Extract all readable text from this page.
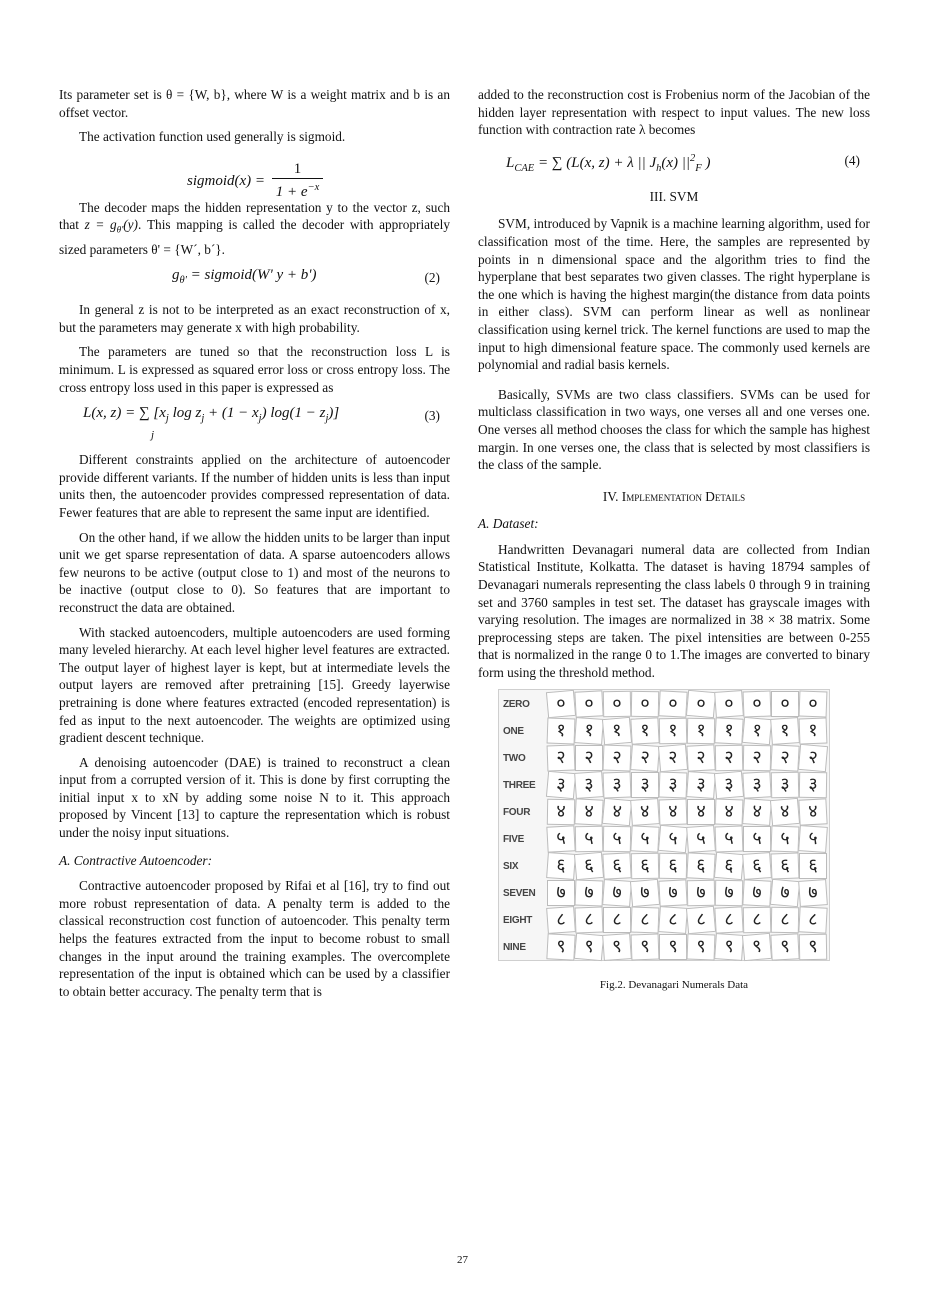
Its parameter set is θ = {W, b}, where W is a weight matrix and b is an offset vector.

The activation function used generally is sigmoid.

sigmoid(x) = $\frac{1}{1 + e^{-x}}$

The decoder maps the hidden representation y to the vector z, such that $z = g_{\theta'}(y)$. This mapping is called the decoder with appropriately sized parameters θ' = {W´, b´}.

$g_{\theta'}$ = sigmoid(W' y + b')	(2)

In general z is not to be interpreted as an exact reconstruction of x, but the parameters may generate x with high probability.

The parameters are tuned so that the reconstruction loss L is minimum. L is expressed as squared error loss or cross entropy loss. The cross entropy loss used in this paper is expressed as

L(x, z) = ∑ [$x_j$ $\log z_j + (1 - x_j) \log(1 - z_j)$]
j
(3)

Different constraints applied on the architecture of autoencoder provide different variants. If the number of hidden units is less than input units then, the autoencoder provides compressed representation of data. Fewer features that are able to represent the same input are identified.

On the other hand, if we allow the hidden units to be larger than input unit we get sparse representation of data. A sparse autoencoders allows few neurons to be active (output close to 1) and most of the neurons to be inactive (output close to 0). So features that are important to reconstruct the data are obtained.

With stacked autoencoders, multiple autoencoders are used forming many leveled hierarchy. At each level higher level features are extracted. The output layer of highest layer is kept, but at intermediate levels the output layers are removed after pretraining [15]. Greedy layerwise pretraining is done where features extracted (encoded representation) is fed as input to the next autoencoder. The weights are optimized using gradient descent technique.

A denoising autoencoder (DAE) is trained to reconstruct a clean input from a corrupted version of it. This is done by first corrupting the initial input x to xN by adding some noise N to it. This approach proposed by Vincent [13] to capture the representation which is robust under the noisy input situations.

A. Contractive Autoencoder:

Contractive autoencoder proposed by Rifai et al [16], try to find out more robust representation of data. A penalty term is added to the classical reconstruction cost function of autoencoder. This penalty term helps the features extracted from the input to become robust to small changes in the input around the training examples. The overcomplete representation of the input is obtained which can be used by a classifier to obtain better accuracy. The penalty term that is

added to the reconstruction cost is Frobenius norm of the Jacobian of the hidden layer representation with respect to input values. The new loss function with contraction rate λ becomes

$L_{CAE}$ = ∑ (L(x, z) + λ || $J_h(x)$ $||^2_F$ )	(4)
III. SVM

SVM, introduced by Vapnik is a machine learning algorithm, used for classification most of the time. Here, the samples are represented by points in n dimensional space and the algorithm tries to find the hyperplane that best separates two given classes. The right hyperplane is the one which is having the highest margin(the distance from data points in either class). SVM can perform linear as well as nonlinear classification using kernel trick. The kernel functions are used to map the input to high dimensional feature space. The commonly used kernels are polynomial and radial basis kernels.

Basically, SVMs are two class classifiers. SVMs can be used for multiclass classification in two ways, one verses all and one verses one. One verses all method chooses the class for which the sample has highest margin. In one verses one, the class that is selected by most classifiers is the class of the sample.

IV. Implementation Details
A. Dataset:

Handwritten Devanagari numeral data are collected from Indian Statistical Institute, Kolkatta. The dataset is having 18794 samples of Devanagari numerals representing the class labels 0 through 9 in training set and 3760 samples in test set. The dataset has grayscale images with varying resolution. The images are normalized in 38 × 38 matrix. Some preprocessing steps are taken. The pixel intensities are between 0-255 that is normalized in the range 0 to 1.The images are converted to binary form using the threshold method.

ZERO	० ० ०	० ० ० ० ०	०	०
ONE	१ १ १ १ १	१ १ १ १ १
TWO	२	२	२ २ २ २ २	२ २ २
THREE	३ ३ ३	३	३ ३ ३ ३ ३	३
FOUR	४ ४ ४ ४ ४	४	४ ४ ४ ४
FIVE	५ ५	५ ५ ५ ५ ५	५	५ ५
SIX	६ ६ ६ ६	६ ६ ६ ६ ६	६
SEVEN	७	७ ७ ७ ७ ७	७ ७ ७ ७
EIGHT	८ ८	८	८ ८ ८ ८ ८	८ ८
NINE	९ ९ ९ ९	९	९ ९ ९ ९ ९
Fig.2. Devanagari Numerals Data
27
